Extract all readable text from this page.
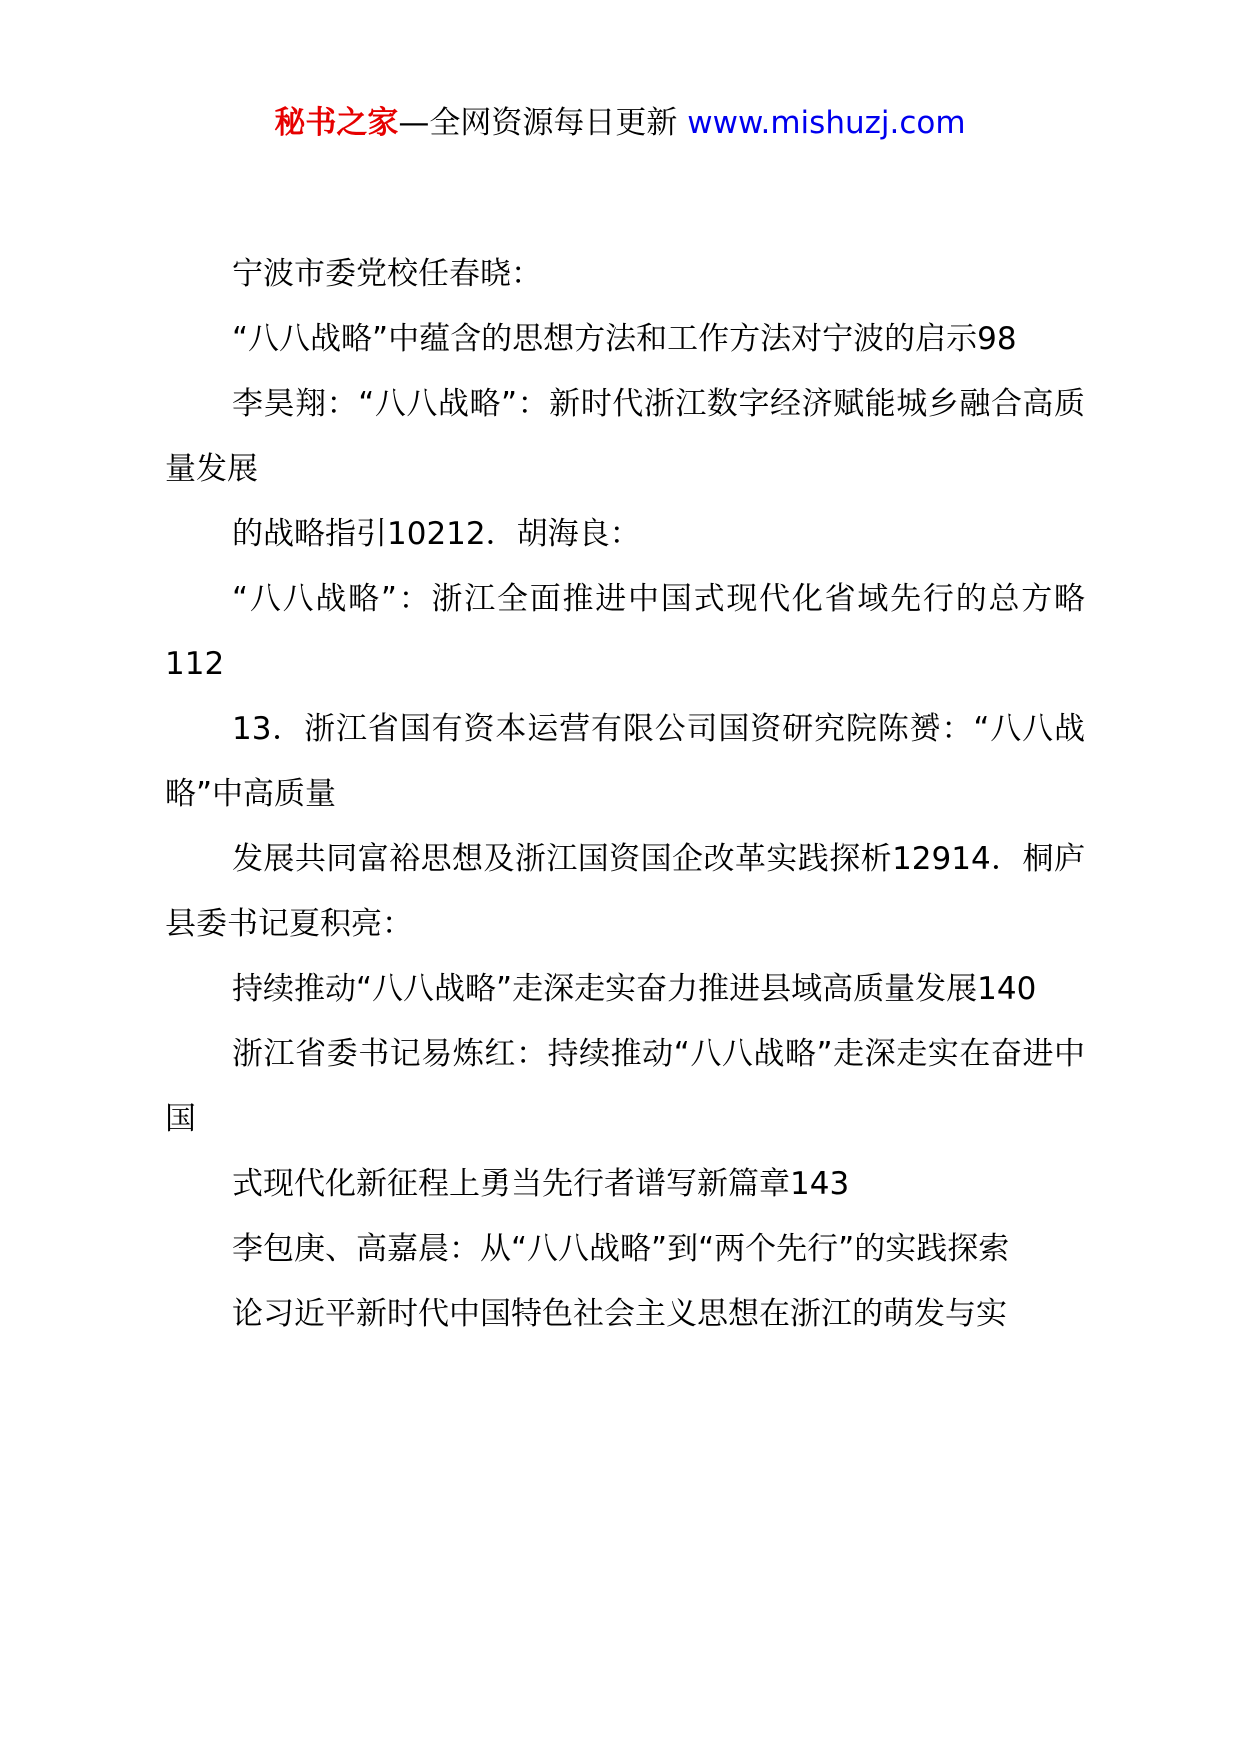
秘书之家—全网资源每日更新 www.mishuzj.com

宁波市委党校任春晓：

“八八战略”中蕴含的思想方法和工作方法对宁波的启示98

李昊翔：“八八战略”：新时代浙江数字经济赋能城乡融合高质量发展

的战略指引10212．胡海良：

“八八战略”：浙江全面推进中国式现代化省域先行的总方略112

13．浙江省国有资本运营有限公司国资研究院陈赟：“八八战略”中高质量

发展共同富裕思想及浙江国资国企改革实践探析12914．桐庐县委书记夏积亮：

持续推动“八八战略”走深走实奋力推进县域高质量发展140

浙江省委书记易炼红：持续推动“八八战略”走深走实在奋进中国

式现代化新征程上勇当先行者谱写新篇章143

李包庚、高嘉晨：从“八八战略”到“两个先行”的实践探索

论习近平新时代中国特色社会主义思想在浙江的萌发与实
